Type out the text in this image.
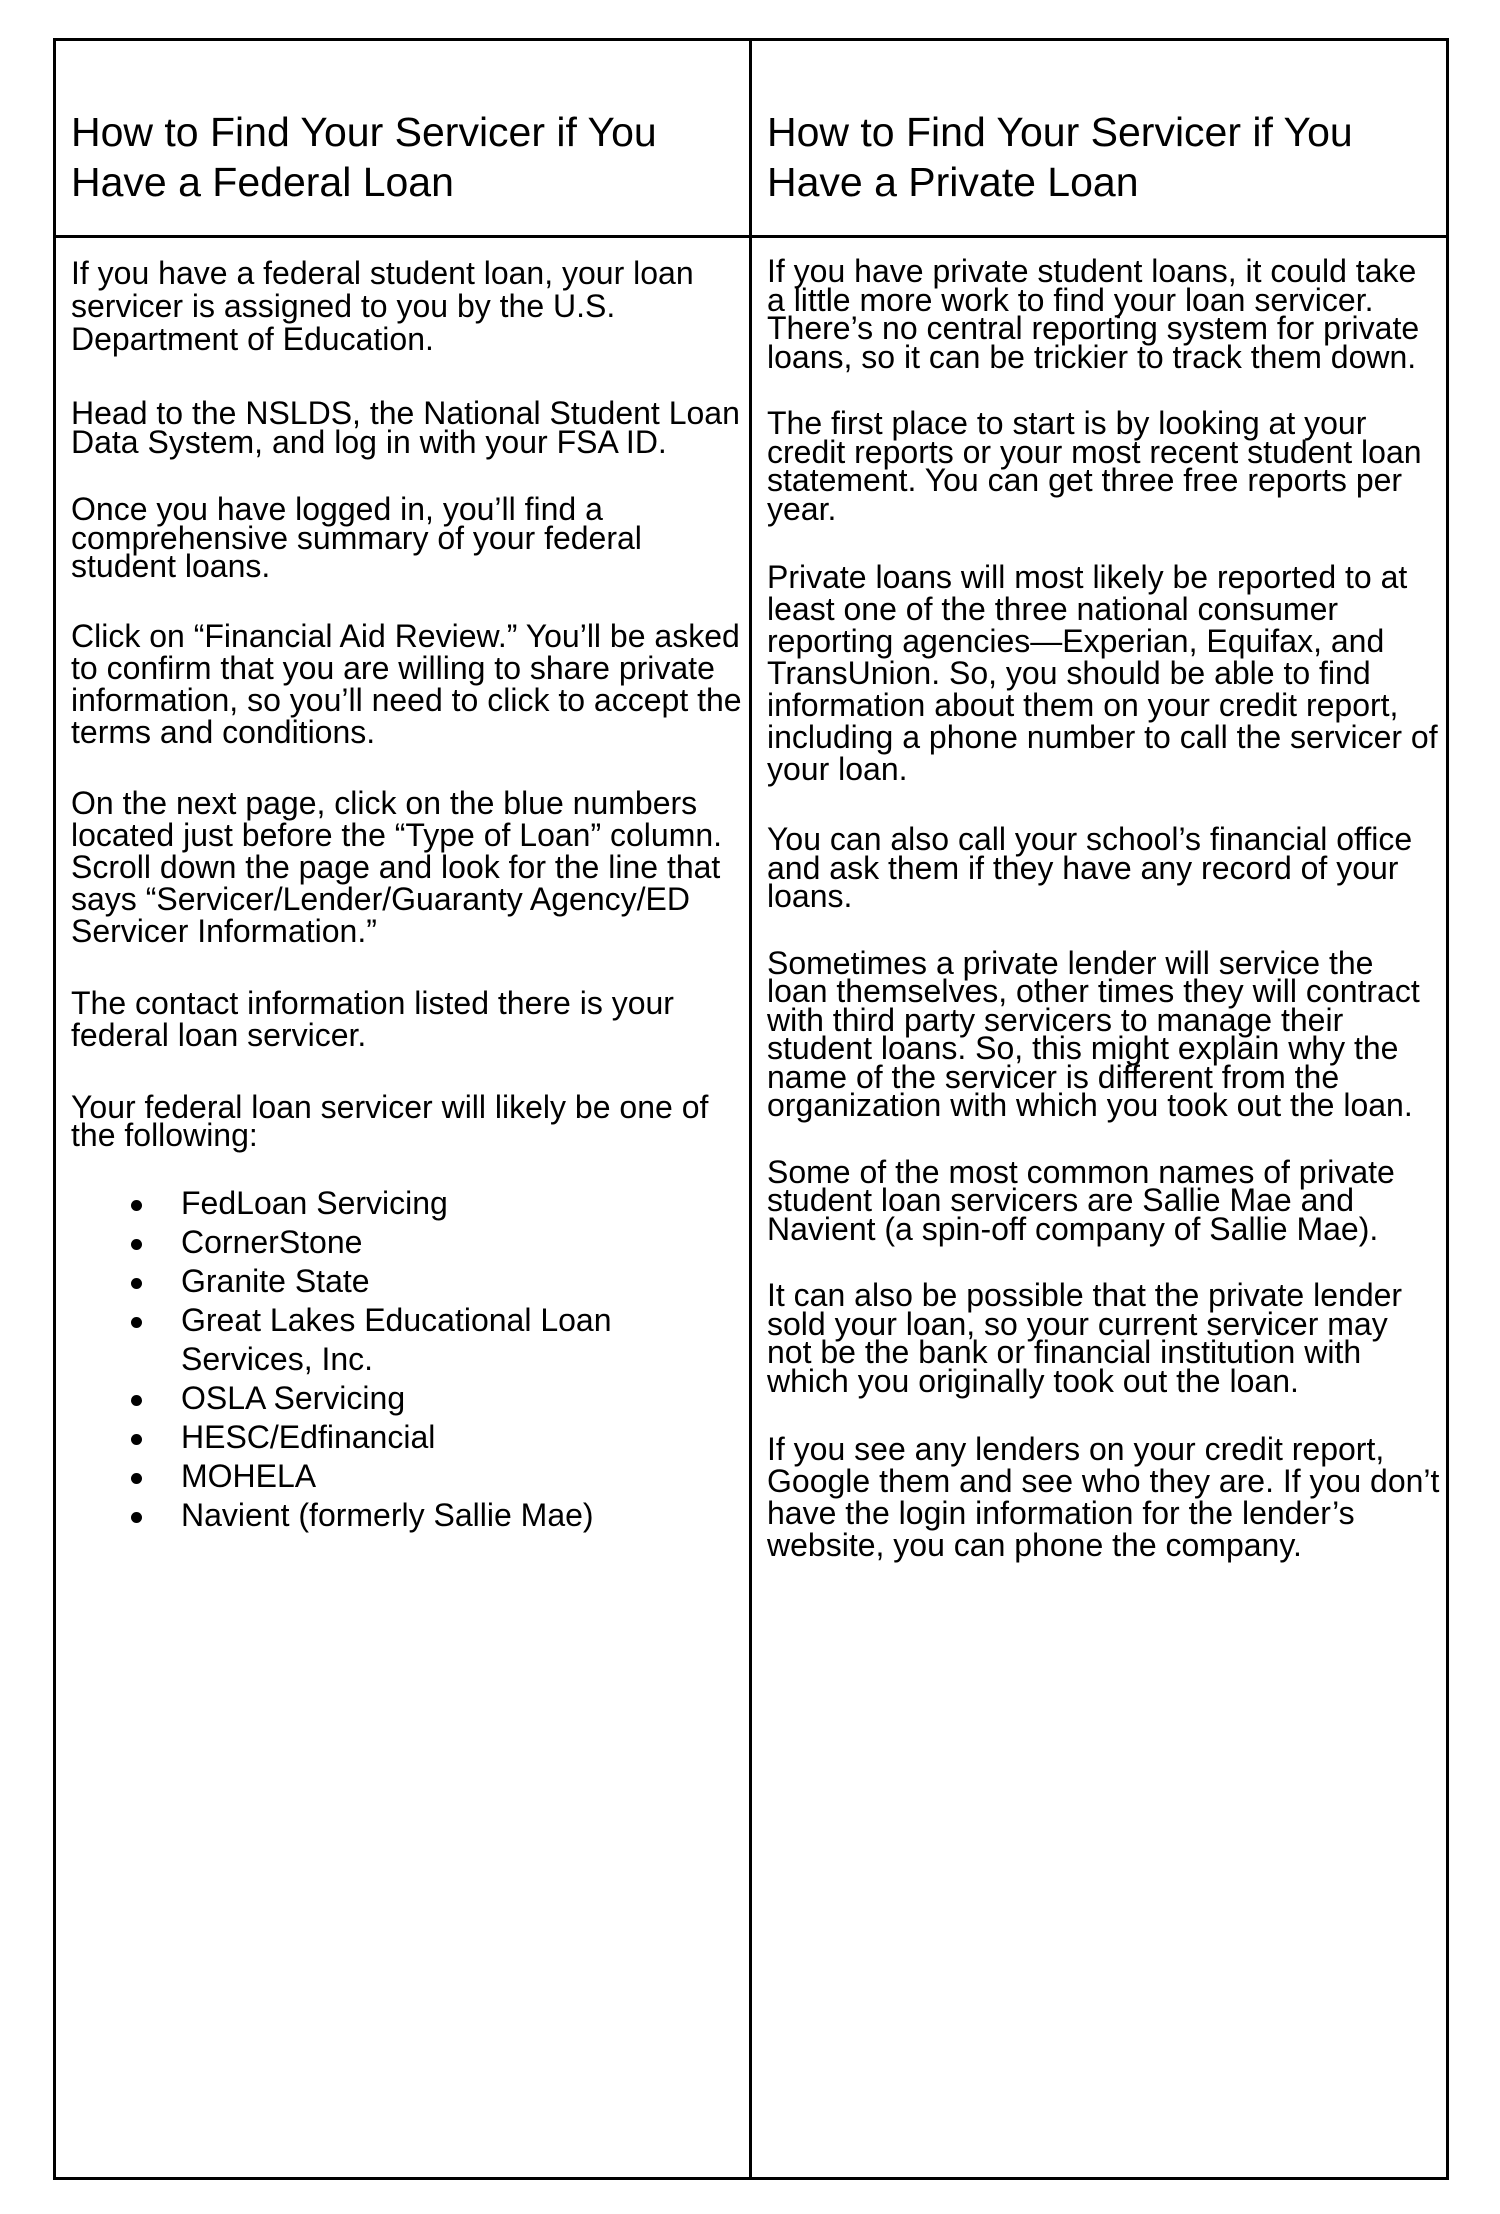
How to Find Your Servicer if You Have a Federal Loan
How to Find Your Servicer if You Have a Private Loan

If you have a federal student loan, your loan servicer is assigned to you by the U.S. Department of Education.

Head to the NSLDS, the National Student Loan Data System, and log in with your FSA ID.

Once you have logged in, you’ll find a comprehensive summary of your federal student loans.

Click on “Financial Aid Review.” You’ll be asked to confirm that you are willing to share private information, so you’ll need to click to accept the terms and conditions.

On the next page, click on the blue numbers located just before the “Type of Loan” column. Scroll down the page and look for the line that says “Servicer/Lender/Guaranty Agency/ED Servicer Information.”

The contact information listed there is your federal loan servicer.

Your federal loan servicer will likely be one of the following:

FedLoan Servicing
CornerStone
Granite State
Great Lakes Educational Loan Services, Inc.
OSLA Servicing
HESC/Edfinancial
MOHELA
Navient (formerly Sallie Mae)

If you have private student loans, it could take a little more work to find your loan servicer. There’s no central reporting system for private loans, so it can be trickier to track them down.

The first place to start is by looking at your credit reports or your most recent student loan statement. You can get three free reports per year.

Private loans will most likely be reported to at least one of the three national consumer reporting agencies—Experian, Equifax, and TransUnion. So, you should be able to find information about them on your credit report, including a phone number to call the servicer of your loan.

You can also call your school’s financial office and ask them if they have any record of your loans.

Sometimes a private lender will service the loan themselves, other times they will contract with third party servicers to manage their student loans. So, this might explain why the name of the servicer is different from the organization with which you took out the loan.

Some of the most common names of private student loan servicers are Sallie Mae and Navient (a spin-off company of Sallie Mae).

It can also be possible that the private lender sold your loan, so your current servicer may not be the bank or financial institution with which you originally took out the loan.

If you see any lenders on your credit report, Google them and see who they are. If you don’t have the login information for the lender’s website, you can phone the company.
